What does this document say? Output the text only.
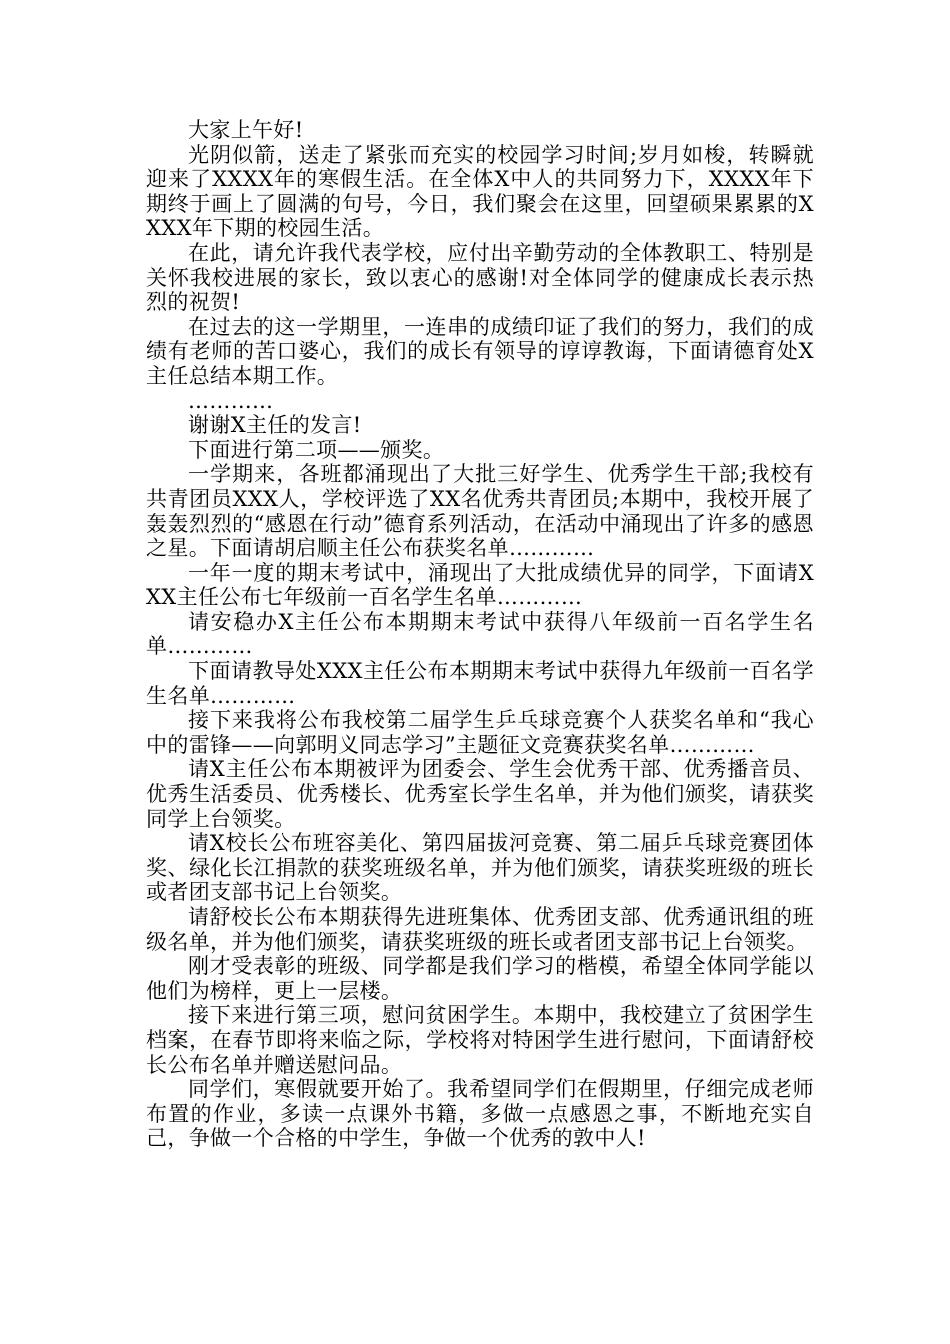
大家上午好!

光阴似箭，送走了紧张而充实的校园学习时间;岁月如梭，转瞬就迎来了XXXX年的寒假生活。在全体X中人的共同努力下，XXXX年下期终于画上了圆满的句号，今日，我们聚会在这里，回望硕果累累的XXXX年下期的校园生活。

在此，请允许我代表学校，应付出辛勤劳动的全体教职工、特别是关怀我校进展的家长，致以衷心的感谢!对全体同学的健康成长表示热烈的祝贺!

在过去的这一学期里，一连串的成绩印证了我们的努力，我们的成绩有老师的苦口婆心，我们的成长有领导的谆谆教诲，下面请德育处X主任总结本期工作。

…………

谢谢X主任的发言!

下面进行第二项——颁奖。

一学期来，各班都涌现出了大批三好学生、优秀学生干部;我校有共青团员XXX人，学校评选了XX名优秀共青团员;本期中，我校开展了轰轰烈烈的“感恩在行动”德育系列活动，在活动中涌现出了许多的感恩之星。下面请胡启顺主任公布获奖名单…………

一年一度的期末考试中，涌现出了大批成绩优异的同学，下面请XXX主任公布七年级前一百名学生名单…………

请安稳办X主任公布本期期末考试中获得八年级前一百名学生名单…………

下面请教导处XXX主任公布本期期末考试中获得九年级前一百名学生名单…………

接下来我将公布我校第二届学生乒乓球竞赛个人获奖名单和“我心中的雷锋——向郭明义同志学习”主题征文竞赛获奖名单…………

请X主任公布本期被评为团委会、学生会优秀干部、优秀播音员、优秀生活委员、优秀楼长、优秀室长学生名单，并为他们颁奖，请获奖同学上台领奖。

请X校长公布班容美化、第四届拔河竞赛、第二届乒乓球竞赛团体奖、绿化长江捐款的获奖班级名单，并为他们颁奖，请获奖班级的班长或者团支部书记上台领奖。

请舒校长公布本期获得先进班集体、优秀团支部、优秀通讯组的班级名单，并为他们颁奖，请获奖班级的班长或者团支部书记上台领奖。

刚才受表彰的班级、同学都是我们学习的楷模，希望全体同学能以他们为榜样，更上一层楼。

接下来进行第三项，慰问贫困学生。本期中，我校建立了贫困学生档案，在春节即将来临之际，学校将对特困学生进行慰问，下面请舒校长公布名单并赠送慰问品。

同学们，寒假就要开始了。我希望同学们在假期里，仔细完成老师布置的作业，多读一点课外书籍，多做一点感恩之事，不断地充实自己，争做一个合格的中学生，争做一个优秀的敦中人!
